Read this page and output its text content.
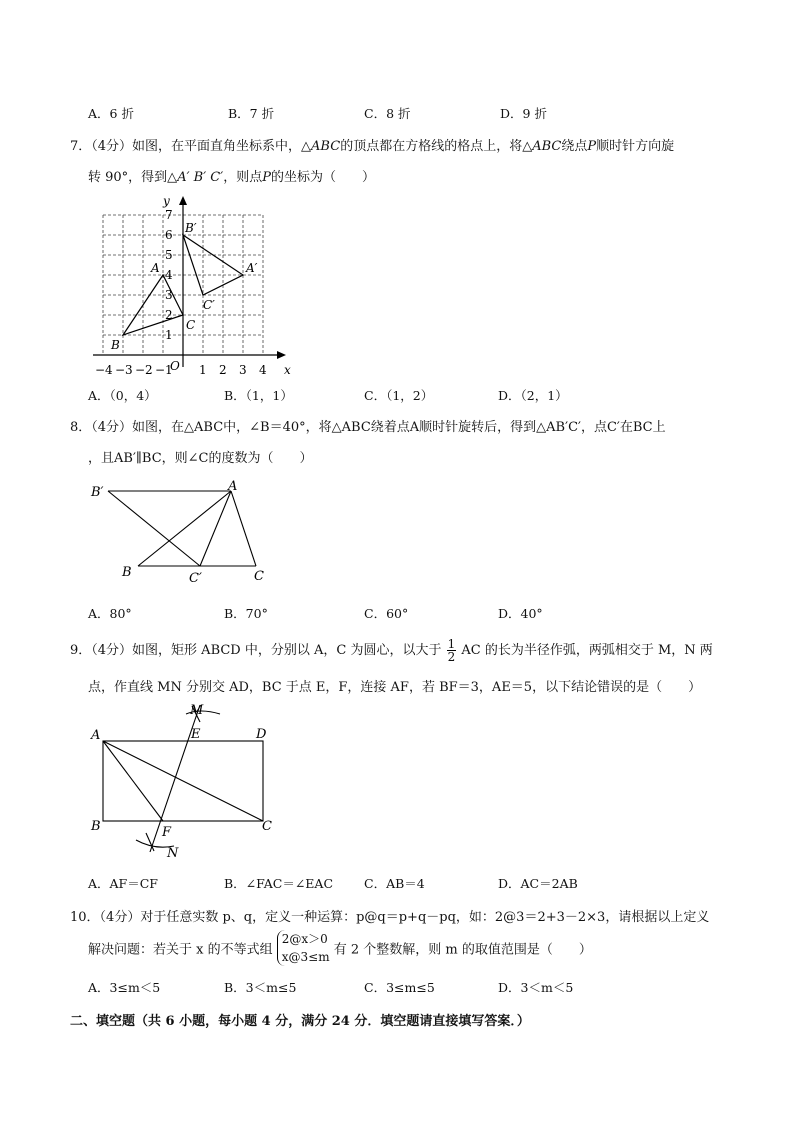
A．6 折	B．7 折	C．8 折	D．9 折
7．（4分）如图，在平面直角坐标系中，△ABC的顶点都在方格线的格点上，将△ABC绕点P顺时针方向旋
转 90°，得到△A′ B′ C′，则点P的坐标为（　　）
x
y
O
−4 −3 −2 −1 1 2 3 4
1
2
3
4
5
6
7
A
B
C
A′
B′
C′
A．（0，4）	B．（1，1）	C．（1，2）	D．（2，1）
8．（4分）如图，在△ABC中，∠B＝40°，将△ABC绕着点A顺时针旋转后，得到△AB′C′，点C′在BC上
，且AB′∥BC，则∠C的度数为（　　）
B′	A
B	C′	C
A．80°	B．70°	C．60°	D．40°
9．（4分）如图，矩形 ABCD 中，分别以 A，C 为圆心，以大于 $\frac{1}{2}$ AC 的长为半径作弧，两弧相交于 M，N 两
点，作直线 MN 分别交 AD，BC 于点 E，F，连接 AF，若 BF＝3，AE＝5，以下结论错误的是（　　）
M
A	E	D
B	F	C
N
A．AF＝CF	B．∠FAC＝∠EAC C．AB＝4	D．AC＝2AB
10．（4分）对于任意实数 p、q，定义一种运算：p@q＝p+q－pq，如：2@3＝2+3－2×3，请根据以上定义
解决问题：若关于 x 的不等式组
2@x＞0
x@3≤m 有 2 个整数解，则 m 的取值范围是（　　）
A．3≤m＜5	B．3＜m≤5	C．3≤m≤5	D．3＜m＜5
二、填空题（共 6 小题，每小题 4 分，满分 24 分．填空题请直接填写答案．）
